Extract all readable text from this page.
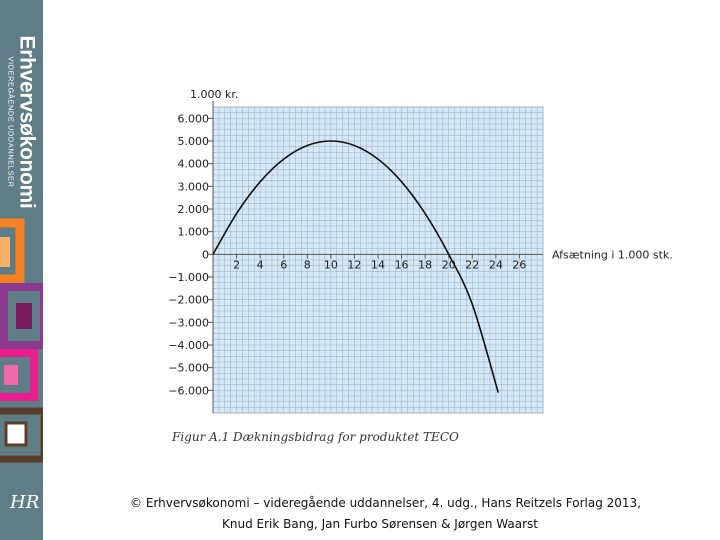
Erhvervsøkonomi
VIDEREGÅENDE UDDANNELSER
HR
6.000
5.000
4.000
3.000
2.000
1.000
0
−1.000
−2.000
−3.000
−4.000
−5.000
−6.000
2 4 6 8 10 12 14 16 18 20 22 24 26
1.000 kr.
Afsætning i 1.000 stk.
Figur A.1 Dækningsbidrag for produktet TECO
© Erhvervsøkonomi – videregående uddannelser, 4. udg., Hans Reitzels Forlag 2013,
Knud Erik Bang, Jan Furbo Sørensen & Jørgen Waarst
